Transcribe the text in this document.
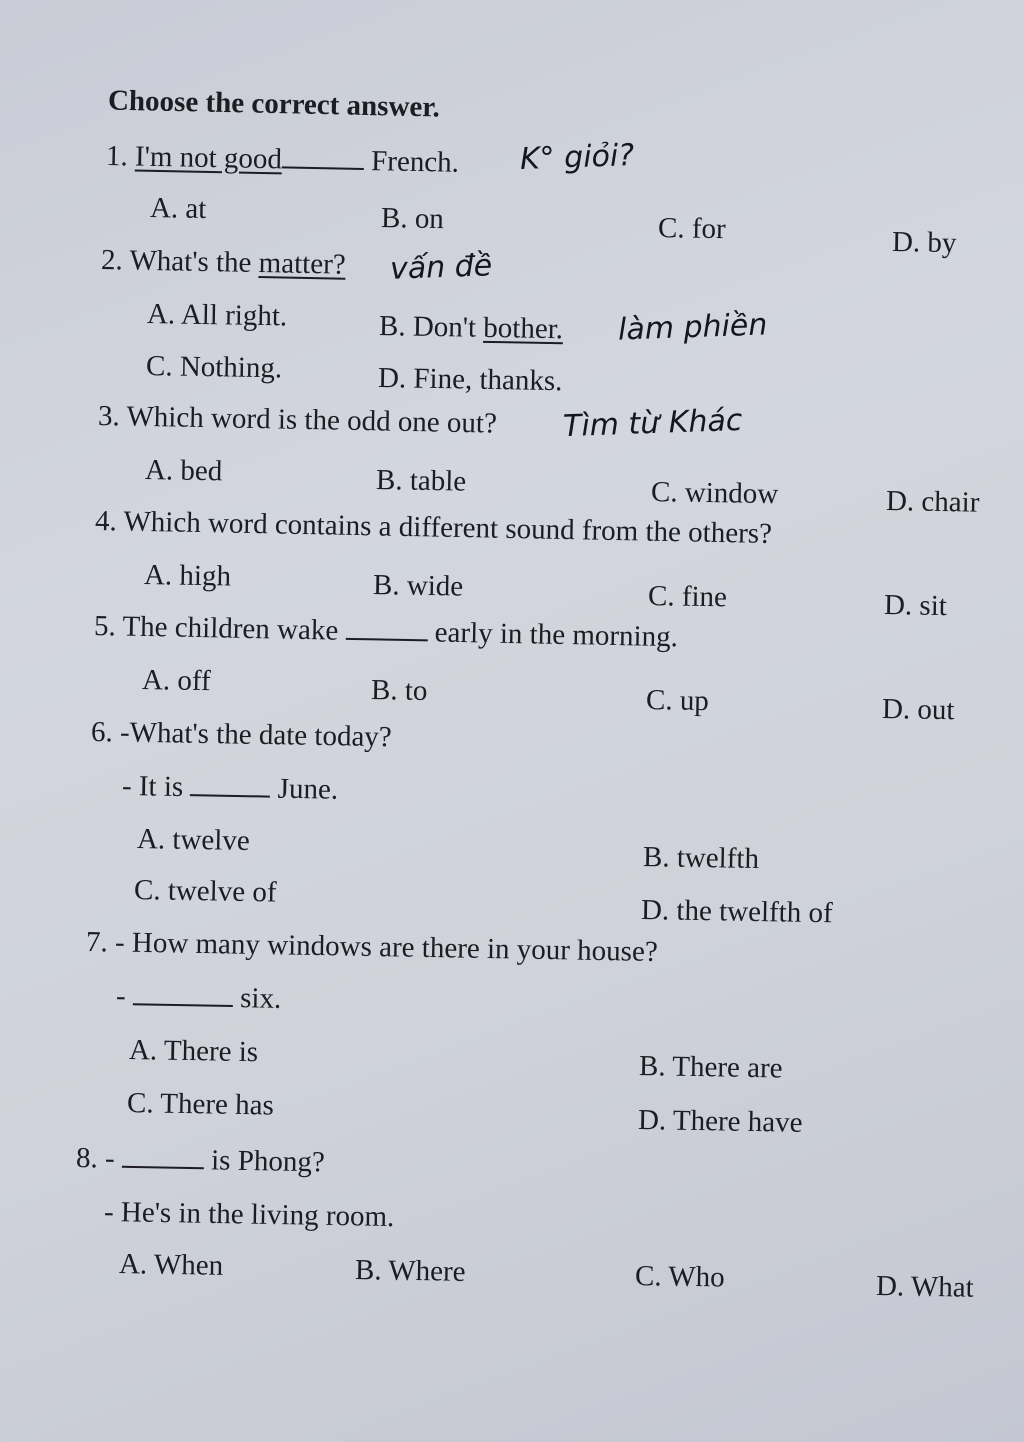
Choose the correct answer.
1. I'm not good	French. K° giỏi?
A. at	B. on	C. for	D. by
2. What's the matter? vấn đề
A. All right.	B. Don't bother. làm phiền
C. Nothing.	D. Fine, thanks.
3. Which word is the odd one out? Tìm từ Khác
A. bed	B. table	C. window	D. chair
4. Which word contains a different sound from the others?
A. high	B. wide	C. fine	D. sit
5. The children wake	early in the morning.
A. off	B. to	C. up	D. out
6. -What's the date today?
- It is	June.
A. twelve
B. twelfth
C. twelve of
D. the twelfth of
7. - How many windows are there in your house?
-	six.
A. There is	B. There are
C. There has	D. There have
8. -	is Phong?
- He's in the living room.
A. When	B. Where	C. Who	D. What
